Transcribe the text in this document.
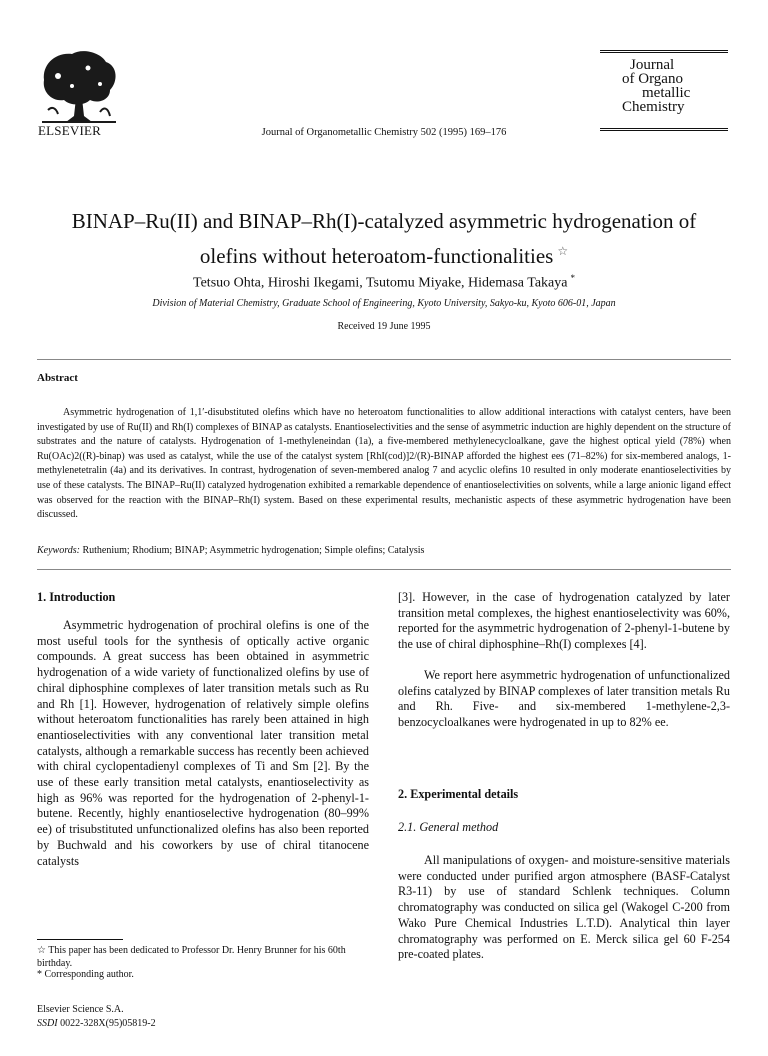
ELSEVIER	Journal of Organometallic Chemistry 502 (1995) 169–176
Journal
of Organo
metallic
Chemistry
BINAP–Ru(II) and BINAP–Rh(I)-catalyzed asymmetric hydrogenation of
olefins without heteroatom-functionalities ☆
Tetsuo Ohta, Hiroshi Ikegami, Tsutomu Miyake, Hidemasa Takaya *
Division of Material Chemistry, Graduate School of Engineering, Kyoto University, Sakyo-ku, Kyoto 606-01, Japan
Received 19 June 1995
Abstract
Asymmetric hydrogenation of 1,1′-disubstituted olefins which have no heteroatom functionalities to allow additional interactions with catalyst centers, have been investigated by use of Ru(II) and Rh(I) complexes of BINAP as catalysts. Enantioselectivities and the sense of asymmetric induction are highly dependent on the structure of substrates and the nature of catalysts. Hydrogenation of 1-methyleneindan (1a), a five-membered methylenecycloalkane, gave the highest optical yield (78%) when Ru(OAc)2((R)-binap) was used as catalyst, while the use of the catalyst system [RhI(cod)]2/(R)-BINAP afforded the highest ees (71–82%) for six-membered analogs, 1-methylenetetralin (4a) and its derivatives. In contrast, hydrogenation of seven-membered analog 7 and acyclic olefins 10 resulted in only moderate enantioselectivities by use of these catalysts. The BINAP–Ru(II) catalyzed hydrogenation exhibited a remarkable dependence of enantioselectivities on solvents, while a large anionic ligand effect was observed for the reaction with the BINAP–Rh(I) system. Based on these experimental results, mechanistic aspects of these asymmetric hydrogenation have been discussed.
Keywords: Ruthenium; Rhodium; BINAP; Asymmetric hydrogenation; Simple olefins; Catalysis
1. Introduction
Asymmetric hydrogenation of prochiral olefins is one of the most useful tools for the synthesis of optically active organic compounds. A great success has been obtained in asymmetric hydrogenation of a wide variety of functionalized olefins by use of chiral diphosphine complexes of later transition metals such as Ru and Rh [1]. However, hydrogenation of relatively simple olefins without heteroatom functionalities has rarely been attained in high enantioselectivities with any conventional later transition metal catalysts, although a remarkable success has recently been achieved with chiral cyclopentadienyl complexes of Ti and Sm [2]. By the use of these early transition metal catalysts, enantioselectivity as high as 96% was reported for the hydrogenation of 2-phenyl-1-butene. Recently, highly enantioselective hydrogenation (80–99% ee) of trisubstituted unfunctionalized olefins has also been reported by Buchwald and his coworkers by use of chiral titanocene catalysts
☆ This paper has been dedicated to Professor Dr. Henry Brunner for his 60th birthday.
* Corresponding author.
Elsevier Science S.A.
SSDI 0022-328X(95)05819-2
[3]. However, in the case of hydrogenation catalyzed by later transition metal complexes, the highest enantioselectivity was 60%, reported for the asymmetric hydrogenation of 2-phenyl-1-butene by the use of chiral diphosphine–Rh(I) complexes [4].
We report here asymmetric hydrogenation of unfunctionalized olefins catalyzed by BINAP complexes of later transition metals Ru and Rh. Five- and six-membered 1-methylene-2,3-benzocycloalkanes were hydrogenated in up to 82% ee.
2. Experimental details
2.1. General method
All manipulations of oxygen- and moisture-sensitive materials were conducted under purified argon atmosphere (BASF-Catalyst R3-11) by use of standard Schlenk techniques. Column chromatography was conducted on silica gel (Wakogel C-200 from Wako Pure Chemical Industries L.T.D). Analytical thin layer chromatography was performed on E. Merck silica gel 60 F-254 pre-coated plates.
